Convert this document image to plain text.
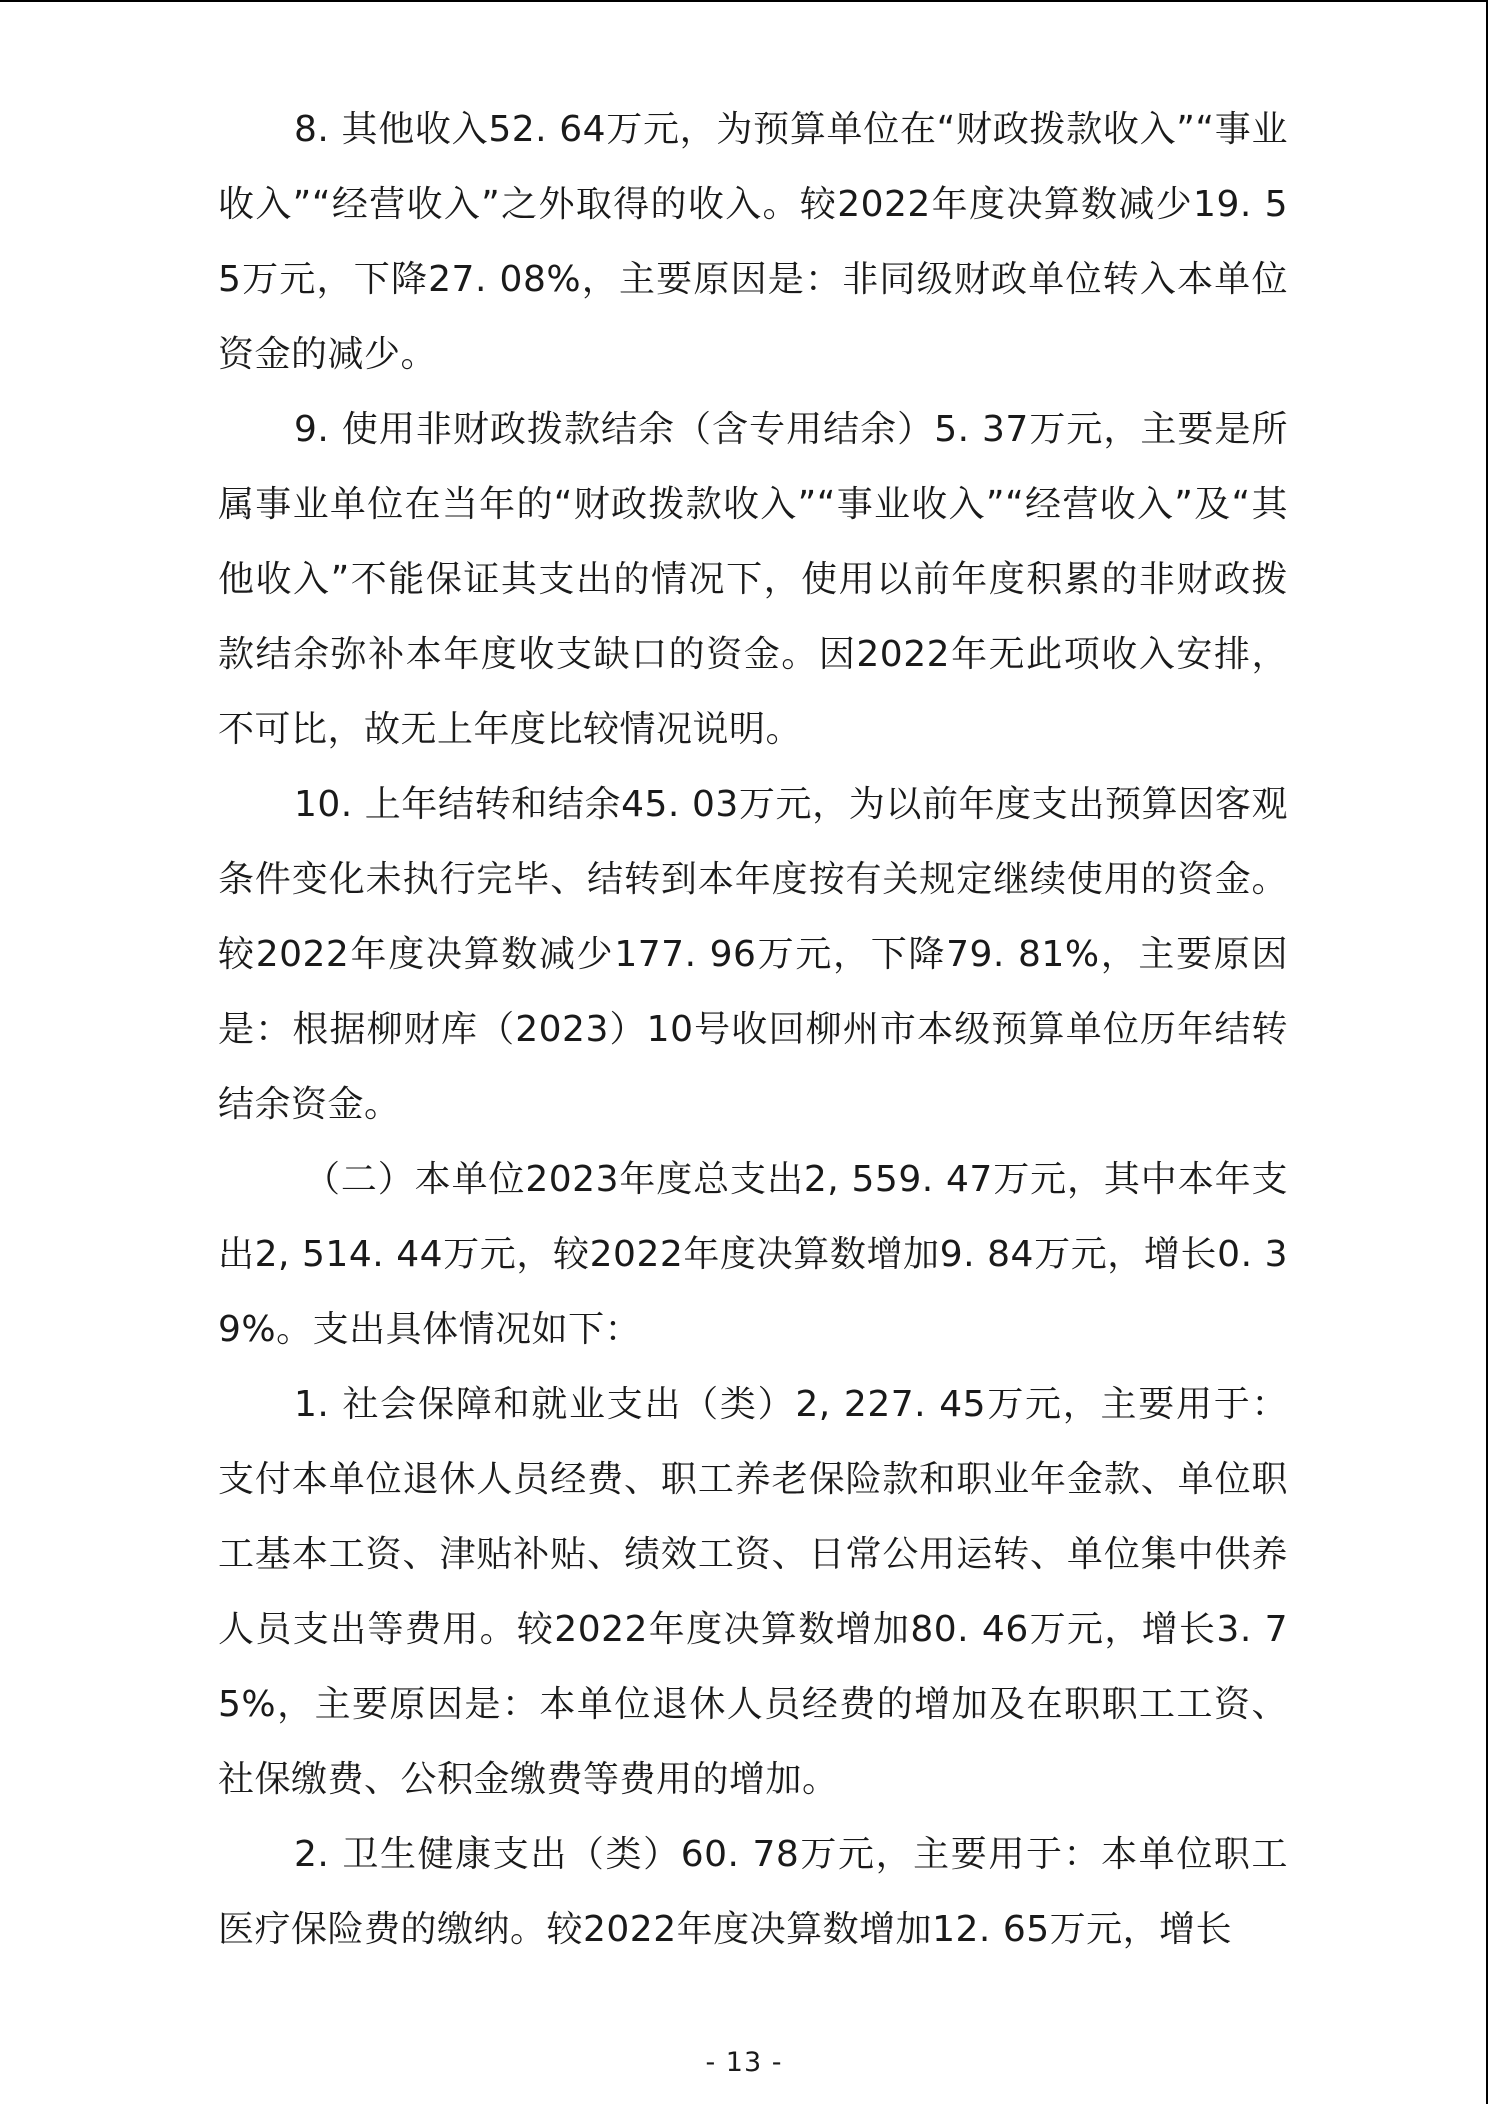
8. 其他收入52. 64万元，为预算单位在“财政拨款收入”“事业收入”“经营收入”之外取得的收入。较2022年度决算数减少19. 55万元，下降27. 08%，主要原因是：非同级财政单位转入本单位资金的减少。

9. 使用非财政拨款结余（含专用结余）5. 37万元，主要是所属事业单位在当年的“财政拨款收入”“事业收入”“经营收入”及“其他收入”不能保证其支出的情况下，使用以前年度积累的非财政拨款结余弥补本年度收支缺口的资金。因2022年无此项收入安排，不可比，故无上年度比较情况说明。

10. 上年结转和结余45. 03万元，为以前年度支出预算因客观条件变化未执行完毕、结转到本年度按有关规定继续使用的资金。较2022年度决算数减少177. 96万元，下降79. 81%，主要原因是：根据柳财库（2023）10号收回柳州市本级预算单位历年结转结余资金。

（二）本单位2023年度总支出2, 559. 47万元，其中本年支出2, 514. 44万元，较2022年度决算数增加9. 84万元，增长0. 39%。支出具体情况如下：

1. 社会保障和就业支出（类）2, 227. 45万元，主要用于：支付本单位退休人员经费、职工养老保险款和职业年金款、单位职工基本工资、津贴补贴、绩效工资、日常公用运转、单位集中供养人员支出等费用。较2022年度决算数增加80. 46万元，增长3. 75%，主要原因是：本单位退休人员经费的增加及在职职工工资、社保缴费、公积金缴费等费用的增加。

2. 卫生健康支出（类）60. 78万元，主要用于：本单位职工医疗保险费的缴纳。较2022年度决算数增加12. 65万元，增长

- 13 -
